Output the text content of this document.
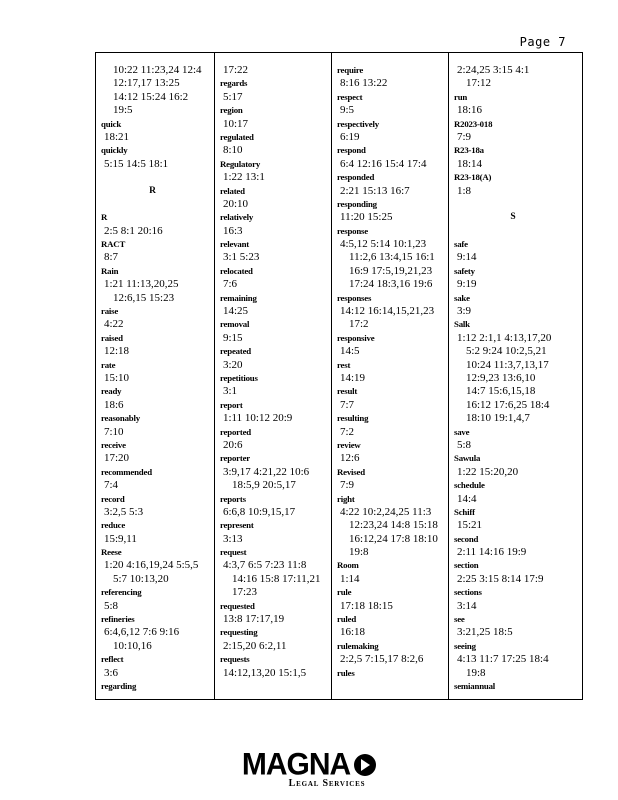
Page 7
10:22 11:23,24 12:4
12:17,17 13:25
14:12 15:24 16:2
19:5
quick
18:21
quickly
5:15 14:5 18:1
R
R
2:5 8:1 20:16
RACT
8:7
Rain
1:21 11:13,20,25
12:6,15 15:23
raise
4:22
raised
12:18
rate
15:10
ready
18:6
reasonably
7:10
receive
17:20
recommended
7:4
record
3:2,5 5:3
reduce
15:9,11
Reese
1:20 4:16,19,24 5:5,5
5:7 10:13,20
referencing
5:8
refineries
6:4,6,12 7:6 9:16
10:10,16
reflect
3:6
regarding
17:22
regards
5:17
region
10:17
regulated
8:10
Regulatory
1:22 13:1
related
20:10
relatively
16:3
relevant
3:1 5:23
relocated
7:6
remaining
14:25
removal
9:15
repeated
3:20
repetitious
3:1
report
1:11 10:12 20:9
reported
20:6
reporter
3:9,17 4:21,22 10:6
18:5,9 20:5,17
reports
6:6,8 10:9,15,17
represent
3:13
request
4:3,7 6:5 7:23 11:8
14:16 15:8 17:11,21
17:23
requested
13:8 17:17,19
requesting
2:15,20 6:2,11
requests
14:12,13,20 15:1,5
require
8:16 13:22
respect
9:5
respectively
6:19
respond
6:4 12:16 15:4 17:4
responded
2:21 15:13 16:7
responding
11:20 15:25
response
4:5,12 5:14 10:1,23
11:2,6 13:4,15 16:1
16:9 17:5,19,21,23
17:24 18:3,16 19:6
responses
14:12 16:14,15,21,23
17:2
responsive
14:5
rest
14:19
result
7:7
resulting
7:2
review
12:6
Revised
7:9
right
4:22 10:2,24,25 11:3
12:23,24 14:8 15:18
16:12,24 17:8 18:10
19:8
Room
1:14
rule
17:18 18:15
ruled
16:18
rulemaking
2:2,5 7:15,17 8:2,6
rules
2:24,25 3:15 4:1
17:12
run
18:16
R2023-018
7:9
R23-18a
18:14
R23-18(A)
1:8
S
safe
9:14
safety
9:19
sake
3:9
Salk
1:12 2:1,1 4:13,17,20
5:2 9:24 10:2,5,21
10:24 11:3,7,13,17
12:9,23 13:6,10
14:7 15:6,15,18
16:12 17:6,25 18:4
18:10 19:1,4,7
save
5:8
Sawula
1:22 15:20,20
schedule
14:4
Schiff
15:21
second
2:11 14:16 19:9
section
2:25 3:15 8:14 17:9
sections
3:14
see
3:21,25 18:5
seeing
4:13 11:7 17:25 18:4
19:8
semiannual
MAGNA
Legal Services
